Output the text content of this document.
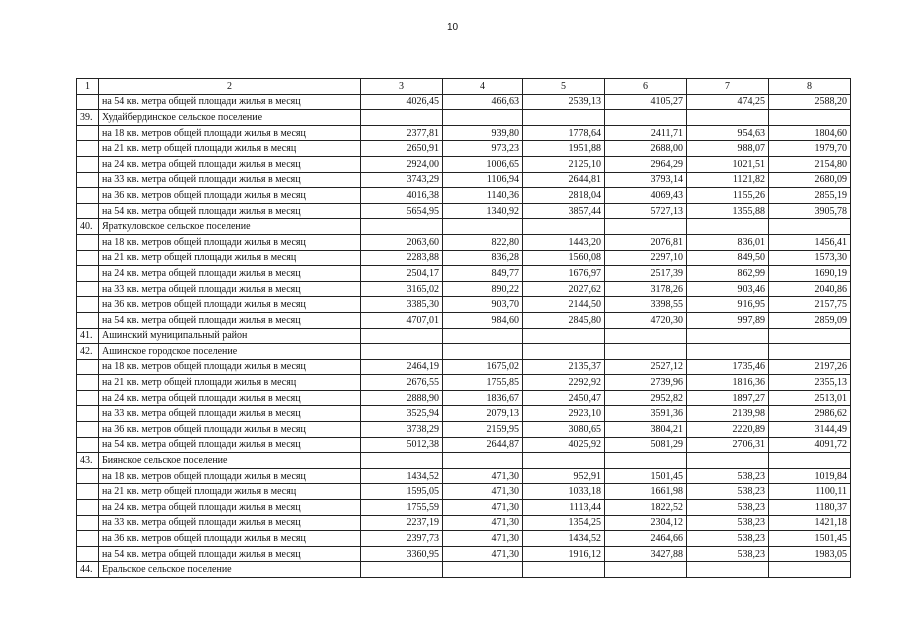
10
1	2	3	4	5	6	7	8
	на 54 кв. метра общей площади жилья в месяц	4026,45	466,63	2539,13	4105,27	474,25	2588,20
39.	Худайбердинское сельское поселение						
	на 18 кв. метров общей площади жилья в месяц	2377,81	939,80	1778,64	2411,71	954,63	1804,60
	на 21 кв. метр общей площади жилья в месяц	2650,91	973,23	1951,88	2688,00	988,07	1979,70
	на 24 кв. метра общей площади жилья в месяц	2924,00	1006,65	2125,10	2964,29	1021,51	2154,80
	на 33 кв. метра общей площади жилья в месяц	3743,29	1106,94	2644,81	3793,14	1121,82	2680,09
	на 36 кв. метров общей площади жилья в месяц	4016,38	1140,36	2818,04	4069,43	1155,26	2855,19
	на 54 кв. метра общей площади жилья в месяц	5654,95	1340,92	3857,44	5727,13	1355,88	3905,78
40.	Яраткуловское сельское поселение						
	на 18 кв. метров общей площади жилья в месяц	2063,60	822,80	1443,20	2076,81	836,01	1456,41
	на 21 кв. метр общей площади жилья в месяц	2283,88	836,28	1560,08	2297,10	849,50	1573,30
	на 24 кв. метра общей площади жилья в месяц	2504,17	849,77	1676,97	2517,39	862,99	1690,19
	на 33 кв. метра общей площади жилья в месяц	3165,02	890,22	2027,62	3178,26	903,46	2040,86
	на 36 кв. метров общей площади жилья в месяц	3385,30	903,70	2144,50	3398,55	916,95	2157,75
	на 54 кв. метра общей площади жилья в месяц	4707,01	984,60	2845,80	4720,30	997,89	2859,09
41.	Ашинский муниципальный район						
42.	Ашинское городское поселение						
	на 18 кв. метров общей площади жилья в месяц	2464,19	1675,02	2135,37	2527,12	1735,46	2197,26
	на 21 кв. метр общей площади жилья в месяц	2676,55	1755,85	2292,92	2739,96	1816,36	2355,13
	на 24 кв. метра общей площади жилья в месяц	2888,90	1836,67	2450,47	2952,82	1897,27	2513,01
	на 33 кв. метра общей площади жилья в месяц	3525,94	2079,13	2923,10	3591,36	2139,98	2986,62
	на 36 кв. метров общей площади жилья в месяц	3738,29	2159,95	3080,65	3804,21	2220,89	3144,49
	на 54 кв. метра общей площади жилья в месяц	5012,38	2644,87	4025,92	5081,29	2706,31	4091,72
43.	Биянское сельское поселение						
	на 18 кв. метров общей площади жилья в месяц	1434,52	471,30	952,91	1501,45	538,23	1019,84
	на 21 кв. метр общей площади жилья в месяц	1595,05	471,30	1033,18	1661,98	538,23	1100,11
	на 24 кв. метра общей площади жилья в месяц	1755,59	471,30	1113,44	1822,52	538,23	1180,37
	на 33 кв. метра общей площади жилья в месяц	2237,19	471,30	1354,25	2304,12	538,23	1421,18
	на 36 кв. метров общей площади жилья в месяц	2397,73	471,30	1434,52	2464,66	538,23	1501,45
	на 54 кв. метра общей площади жилья в месяц	3360,95	471,30	1916,12	3427,88	538,23	1983,05
44.	Еральское сельское поселение						
